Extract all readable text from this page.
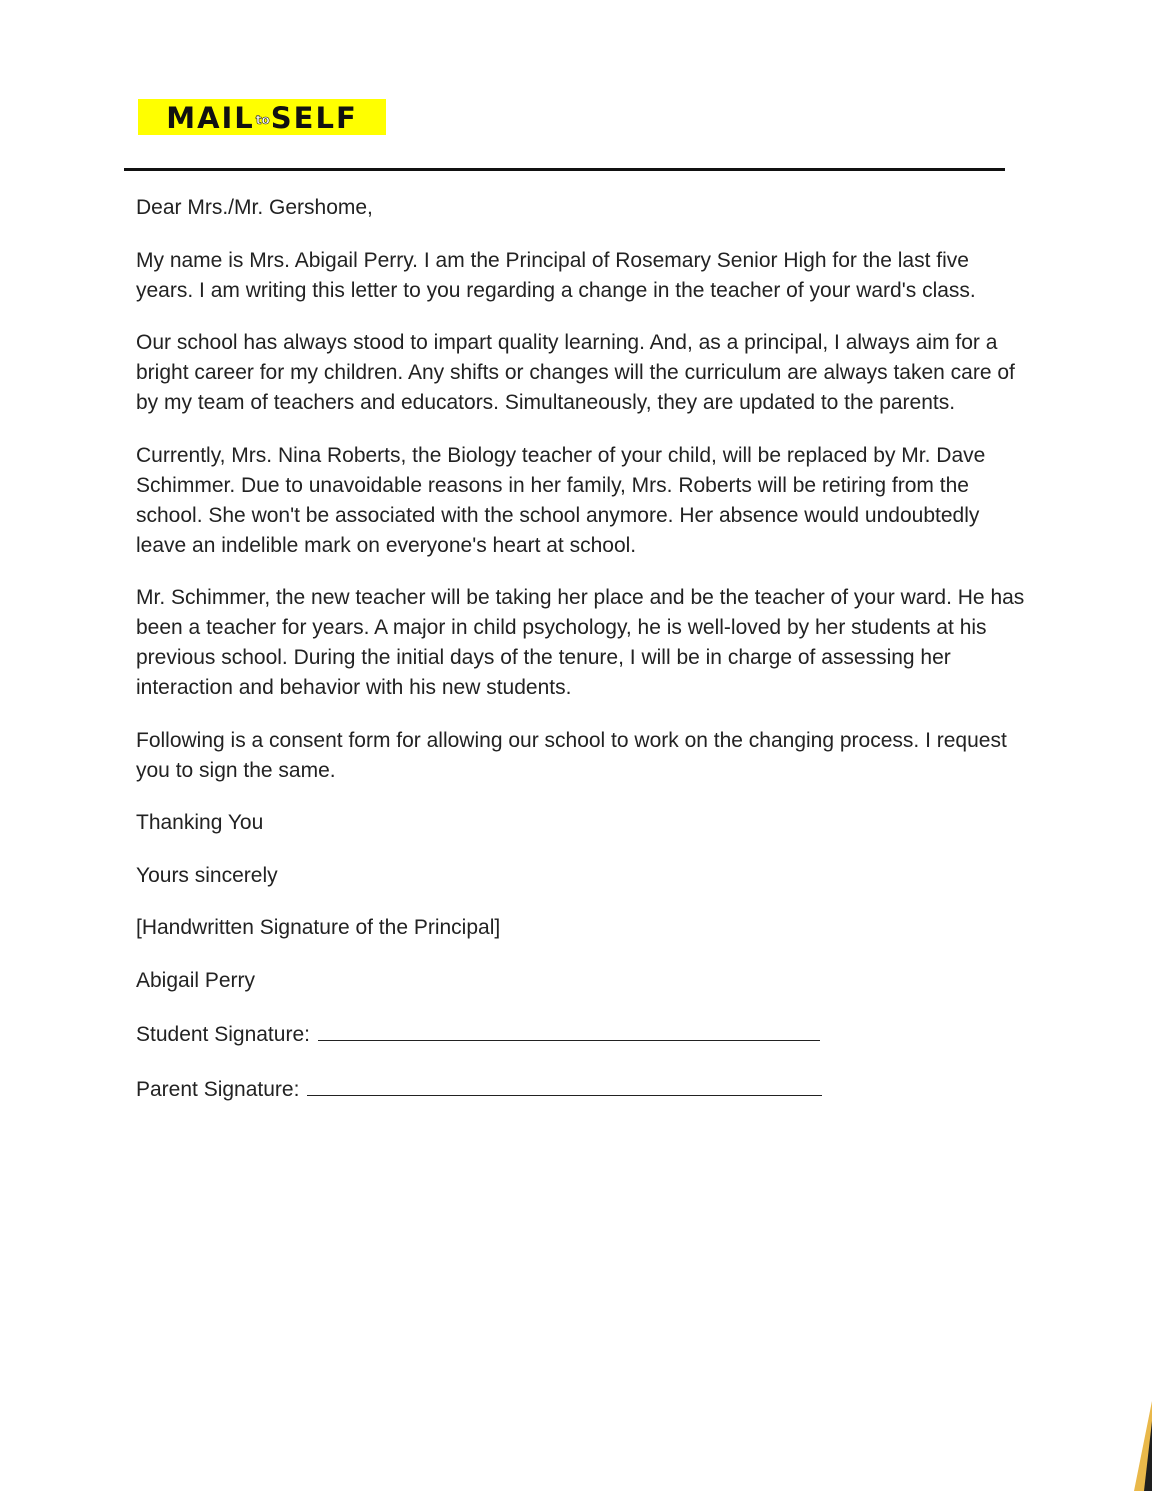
MAILtoSELF

Dear Mrs./Mr. Gershome,

My name is Mrs. Abigail Perry. I am the Principal of Rosemary Senior High for the last five years. I am writing this letter to you regarding a change in the teacher of your ward's class.

Our school has always stood to impart quality learning. And, as a principal, I always aim for a bright career for my children. Any shifts or changes will the curriculum are always taken care of by my team of teachers and educators. Simultaneously, they are updated to the parents.

Currently, Mrs. Nina Roberts, the Biology teacher of your child, will be replaced by Mr. Dave Schimmer. Due to unavoidable reasons in her family, Mrs. Roberts will be retiring from the school. She won't be associated with the school anymore. Her absence would undoubtedly leave an indelible mark on everyone's heart at school.

Mr. Schimmer, the new teacher will be taking her place and be the teacher of your ward. He has been a teacher for years. A major in child psychology, he is well-loved by her students at his previous school. During the initial days of the tenure, I will be in charge of assessing her interaction and behavior with his new students.

Following is a consent form for allowing our school to work on the changing process. I request you to sign the same.

Thanking You

Yours sincerely

[Handwritten Signature of the Principal]

Abigail Perry

Student Signature:

Parent Signature:
